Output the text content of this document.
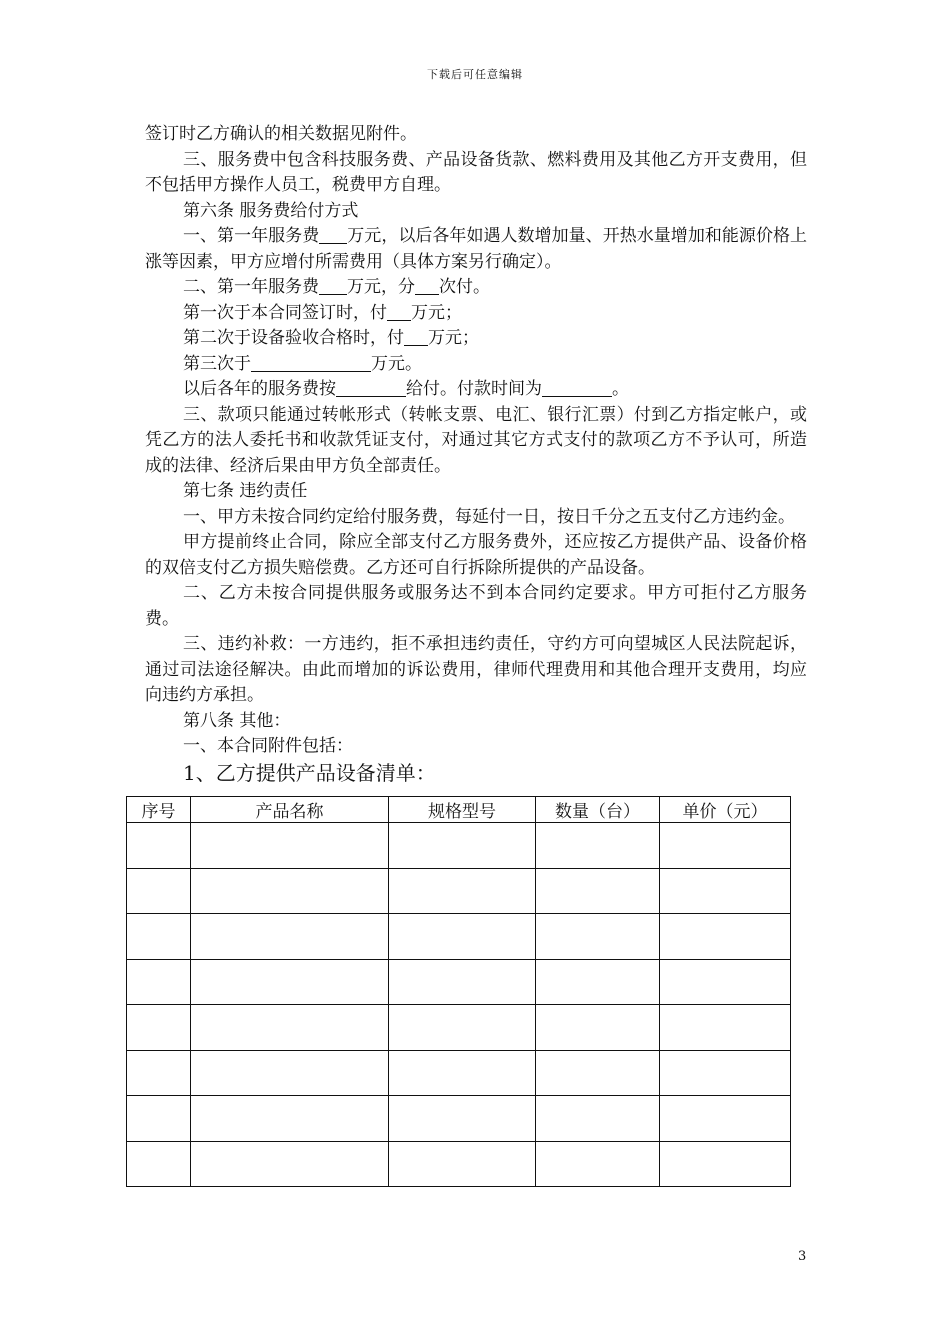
下载后可任意编辑

签订时乙方确认的相关数据见附件。

三、服务费中包含科技服务费、产品设备货款、燃料费用及其他乙方开支费用，但不包括甲方操作人员工，税费甲方自理。

第六条 服务费给付方式

一、第一年服务费 万元，以后各年如遇人数增加量、开热水量增加和能源价格上涨等因素，甲方应增付所需费用（具体方案另行确定）。

二、第一年服务费 万元，分 次付。

第一次于本合同签订时，付 万元；

第二次于设备验收合格时，付 万元；

第三次于	万元。

以后各年的服务费按	给付。付款时间为	。

三、款项只能通过转帐形式（转帐支票、电汇、银行汇票）付到乙方指定帐户，或凭乙方的法人委托书和收款凭证支付，对通过其它方式支付的款项乙方不予认可，所造成的法律、经济后果由甲方负全部责任。

第七条 违约责任

一、甲方未按合同约定给付服务费，每延付一日，按日千分之五支付乙方违约金。

甲方提前终止合同，除应全部支付乙方服务费外，还应按乙方提供产品、设备价格的双倍支付乙方损失赔偿费。乙方还可自行拆除所提供的产品设备。

二、乙方未按合同提供服务或服务达不到本合同约定要求。甲方可拒付乙方服务费。

三、违约补救：一方违约，拒不承担违约责任，守约方可向望城区人民法院起诉，通过司法途径解决。由此而增加的诉讼费用，律师代理费用和其他合理开支费用，均应向违约方承担。

第八条 其他：

一、本合同附件包括：

1、乙方提供产品设备清单：
序号	产品名称	规格型号	数量（台）	单价（元）

3
